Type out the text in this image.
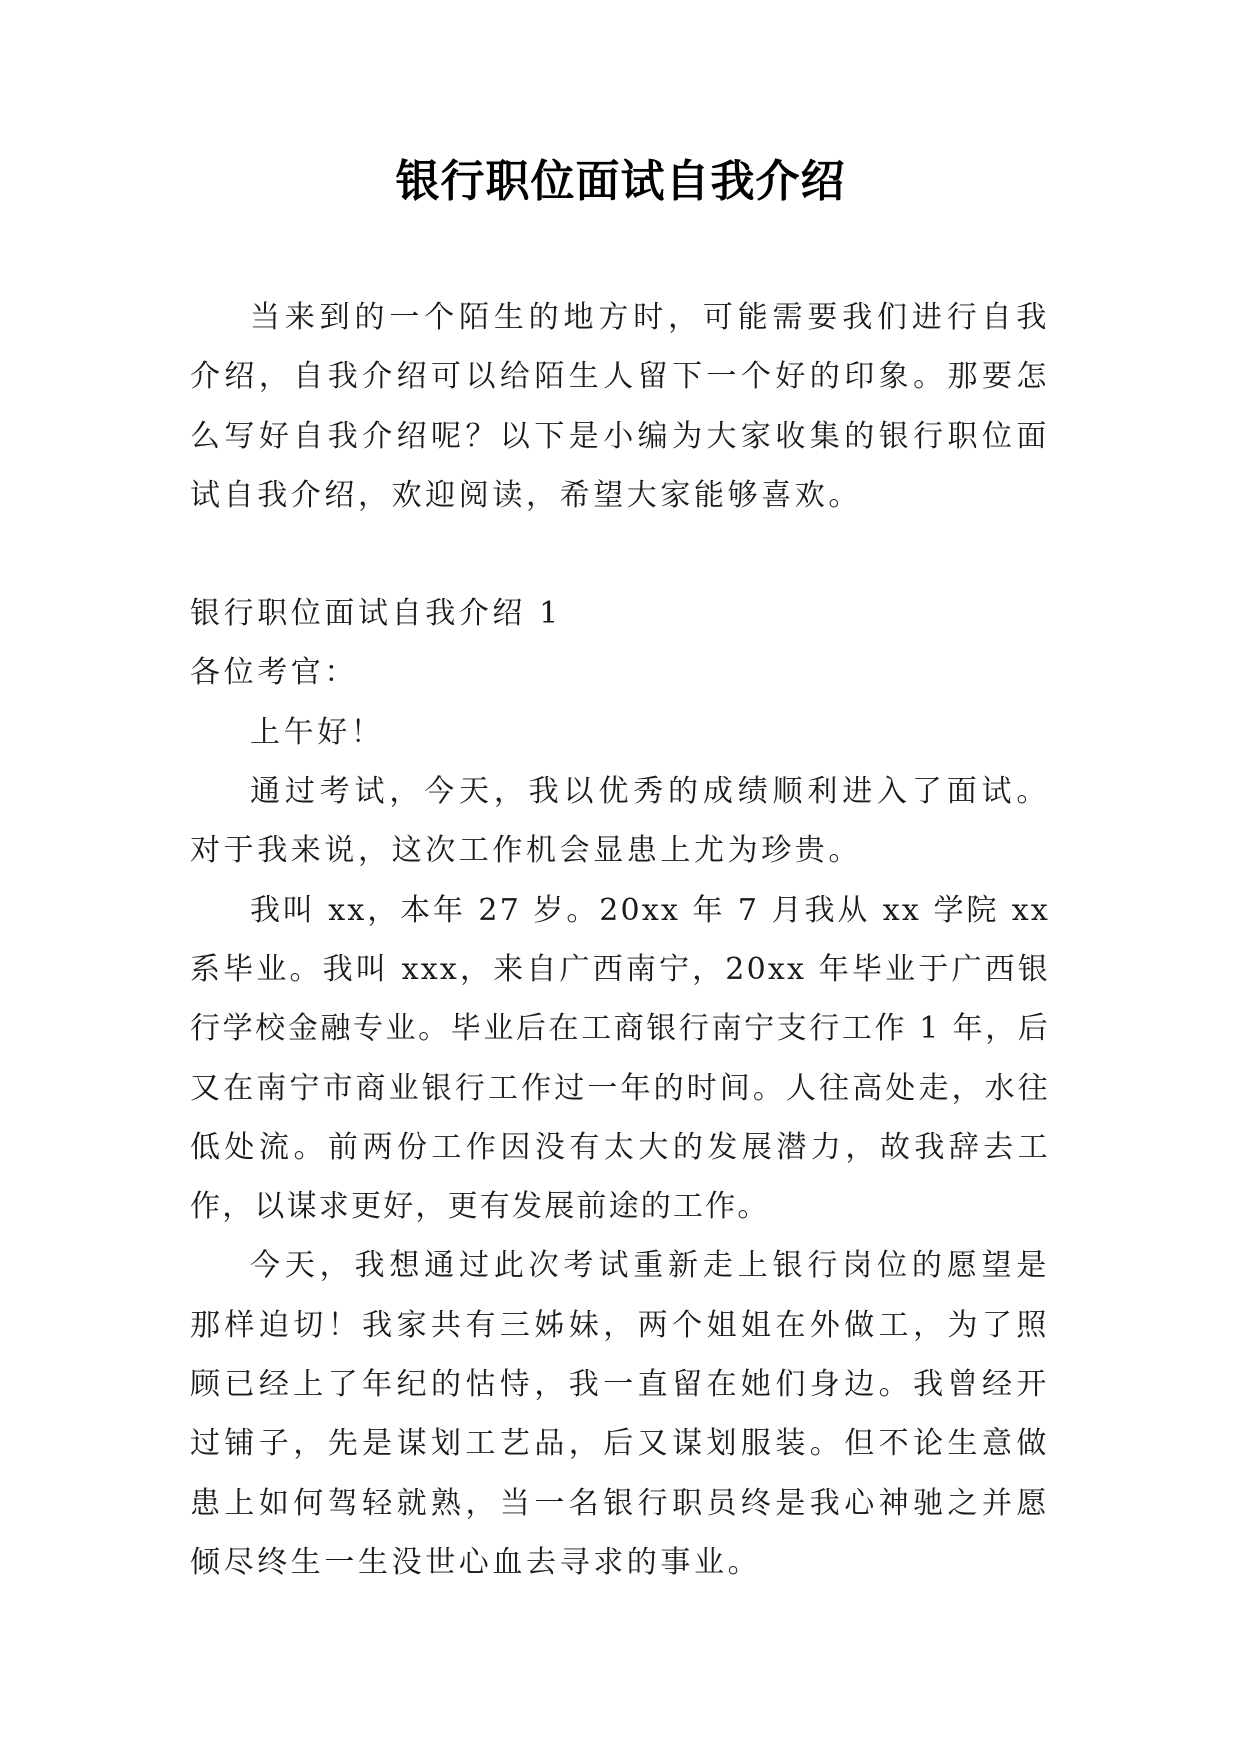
银行职位面试自我介绍

当来到的一个陌生的地方时，可能需要我们进行自我介绍，自我介绍可以给陌生人留下一个好的印象。那要怎么写好自我介绍呢？以下是小编为大家收集的银行职位面试自我介绍，欢迎阅读，希望大家能够喜欢。

银行职位面试自我介绍 1

各位考官：

上午好！

通过考试，今天，我以优秀的成绩顺利进入了面试。对于我来说，这次工作机会显患上尤为珍贵。

我叫 xx，本年 27 岁。20xx 年 7 月我从 xx 学院 xx 系毕业。我叫 xxx，来自广西南宁，20xx 年毕业于广西银行学校金融专业。毕业后在工商银行南宁支行工作 1 年，后又在南宁市商业银行工作过一年的时间。人往高处走，水往低处流。前两份工作因没有太大的发展潜力，故我辞去工作，以谋求更好，更有发展前途的工作。

今天，我想通过此次考试重新走上银行岗位的愿望是那样迫切！我家共有三姊妹，两个姐姐在外做工，为了照顾已经上了年纪的怙恃，我一直留在她们身边。我曾经开过铺子，先是谋划工艺品，后又谋划服装。但不论生意做患上如何驾轻就熟，当一名银行职员终是我心神驰之并愿倾尽终生一生没世心血去寻求的事业。
